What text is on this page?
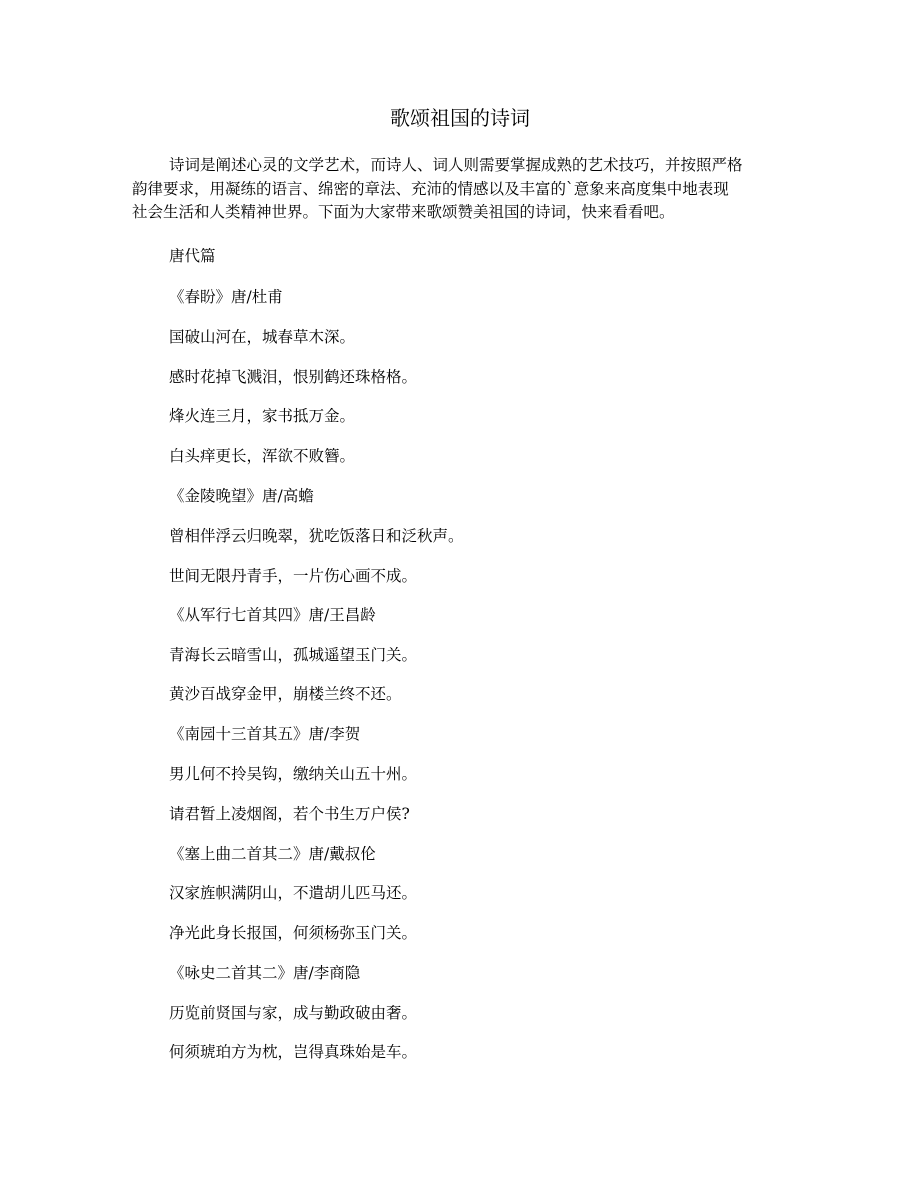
歌颂祖国的诗词
诗词是阐述心灵的文学艺术，而诗人、词人则需要掌握成熟的艺术技巧，并按照严格
韵律要求，用凝练的语言、绵密的章法、充沛的情感以及丰富的`意象来高度集中地表现
社会生活和人类精神世界。下面为大家带来歌颂赞美祖国的诗词，快来看看吧。
唐代篇
《春盼》唐/杜甫
国破山河在，城春草木深。
感时花掉飞溅泪，恨别鹤还珠格格。
烽火连三月，家书抵万金。
白头痒更长，浑欲不败簪。
《金陵晚望》唐/高蟾
曾相伴浮云归晚翠，犹吃饭落日和泛秋声。
世间无限丹青手，一片伤心画不成。
《从军行七首其四》唐/王昌龄
青海长云暗雪山，孤城遥望玉门关。
黄沙百战穿金甲，崩楼兰终不还。
《南园十三首其五》唐/李贺
男儿何不拎吴钩，缴纳关山五十州。
请君暂上凌烟阁，若个书生万户侯?
《塞上曲二首其二》唐/戴叔伦
汉家旌帜满阴山，不遣胡儿匹马还。
净光此身长报国，何须杨弥玉门关。
《咏史二首其二》唐/李商隐
历览前贤国与家，成与勤政破由奢。
何须琥珀方为枕，岂得真珠始是车。
